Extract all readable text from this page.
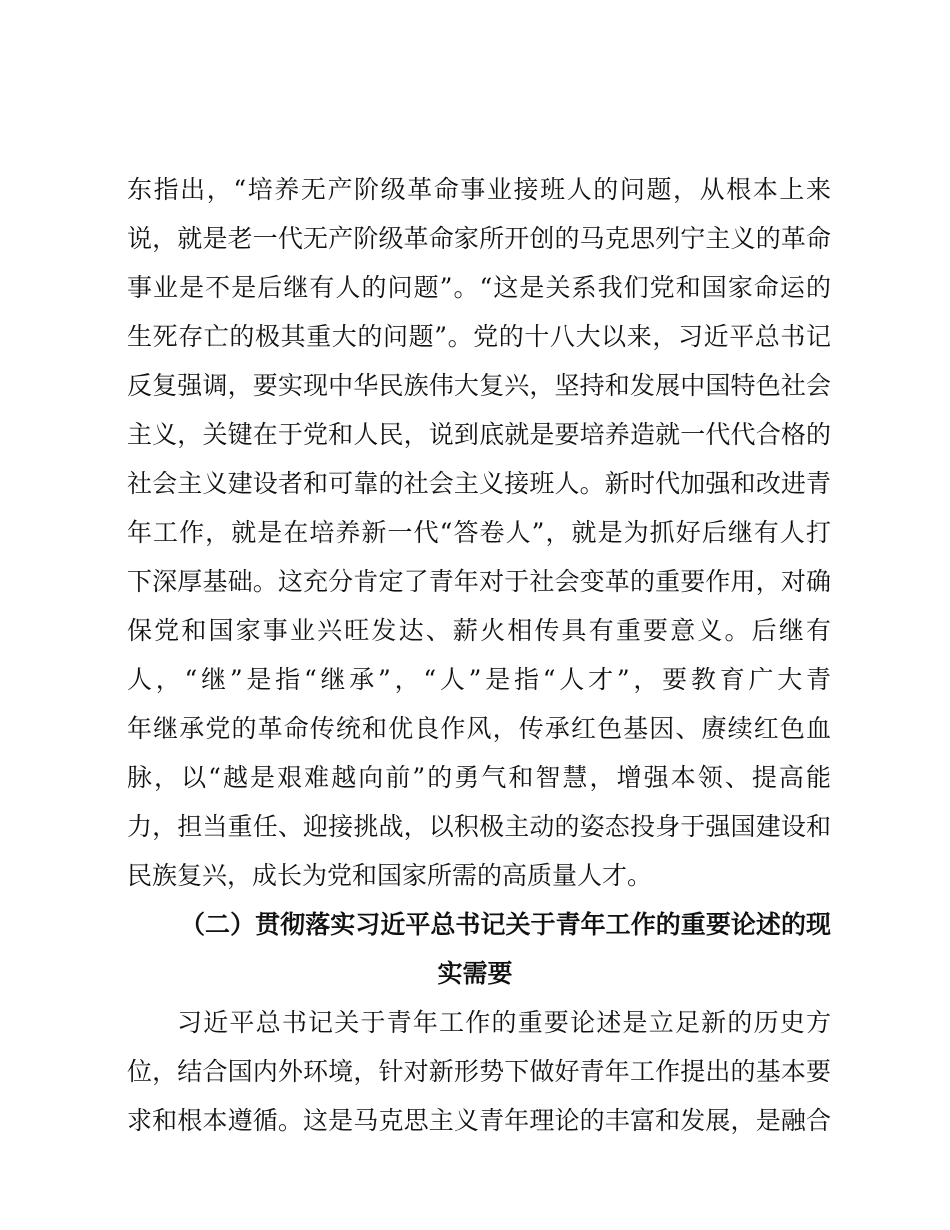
东指出，“培养无产阶级革命事业接班人的问题，从根本上来

说，就是老一代无产阶级革命家所开创的马克思列宁主义的革命

事业是不是后继有人的问题”。“这是关系我们党和国家命运的

生死存亡的极其重大的问题”。党的十八大以来，习近平总书记

反复强调，要实现中华民族伟大复兴，坚持和发展中国特色社会

主义，关键在于党和人民，说到底就是要培养造就一代代合格的

社会主义建设者和可靠的社会主义接班人。新时代加强和改进青

年工作，就是在培养新一代“答卷人”，就是为抓好后继有人打

下深厚基础。这充分肯定了青年对于社会变革的重要作用，对确

保党和国家事业兴旺发达、薪火相传具有重要意义。后继有

人，“继”是指“继承”，“人”是指“人才”，要教育广大青

年继承党的革命传统和优良作风，传承红色基因、赓续红色血

脉，以“越是艰难越向前”的勇气和智慧，增强本领、提高能

力，担当重任、迎接挑战，以积极主动的姿态投身于强国建设和

民族复兴，成长为党和国家所需的高质量人才。

（二）贯彻落实习近平总书记关于青年工作的重要论述的现

实需要

习近平总书记关于青年工作的重要论述是立足新的历史方

位，结合国内外环境，针对新形势下做好青年工作提出的基本要

求和根本遵循。这是马克思主义青年理论的丰富和发展，是融合
